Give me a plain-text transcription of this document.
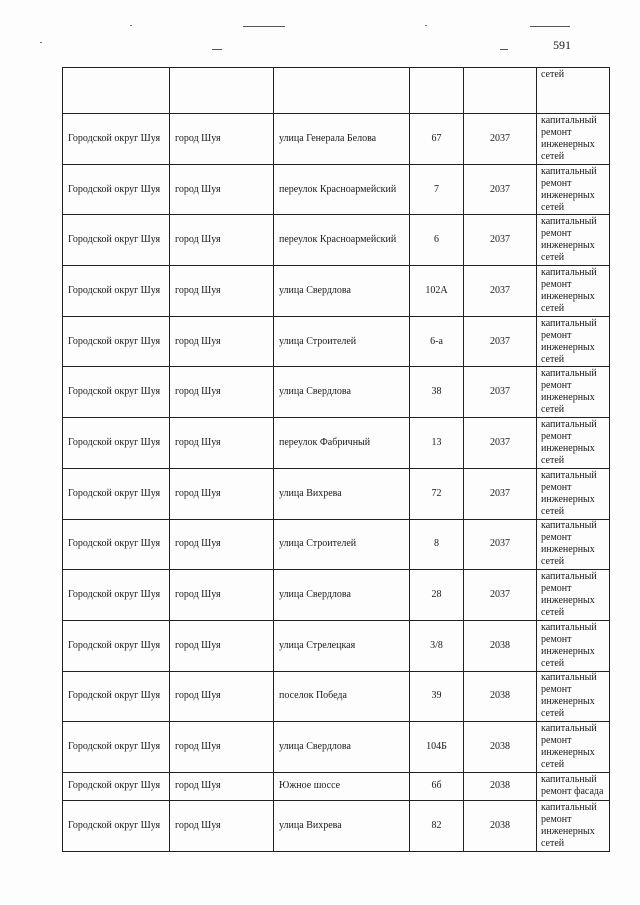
591
					сетей
Городской округ Шуя	город Шуя	улица Генерала Белова	67	2037	капитальный ремонт инженерных сетей
Городской округ Шуя	город Шуя	переулок Красноармейский	7	2037	капитальный ремонт инженерных сетей
Городской округ Шуя	город Шуя	переулок Красноармейский	6	2037	капитальный ремонт инженерных сетей
Городской округ Шуя	город Шуя	улица Свердлова	102А	2037	капитальный ремонт инженерных сетей
Городской округ Шуя	город Шуя	улица Строителей	6-а	2037	капитальный ремонт инженерных сетей
Городской округ Шуя	город Шуя	улица Свердлова	38	2037	капитальный ремонт инженерных сетей
Городской округ Шуя	город Шуя	переулок Фабричный	13	2037	капитальный ремонт инженерных сетей
Городской округ Шуя	город Шуя	улица Вихрева	72	2037	капитальный ремонт инженерных сетей
Городской округ Шуя	город Шуя	улица Строителей	8	2037	капитальный ремонт инженерных сетей
Городской округ Шуя	город Шуя	улица Свердлова	28	2037	капитальный ремонт инженерных сетей
Городской округ Шуя	город Шуя	улица Стрелецкая	3/8	2038	капитальный ремонт инженерных сетей
Городской округ Шуя	город Шуя	поселок Победа	39	2038	капитальный ремонт инженерных сетей
Городской округ Шуя	город Шуя	улица Свердлова	104Б	2038	капитальный ремонт инженерных сетей
Городской округ Шуя	город Шуя	Южное шоссе	6б	2038	капитальный ремонт фасада
Городской округ Шуя	город Шуя	улица Вихрева	82	2038	капитальный ремонт инженерных сетей
